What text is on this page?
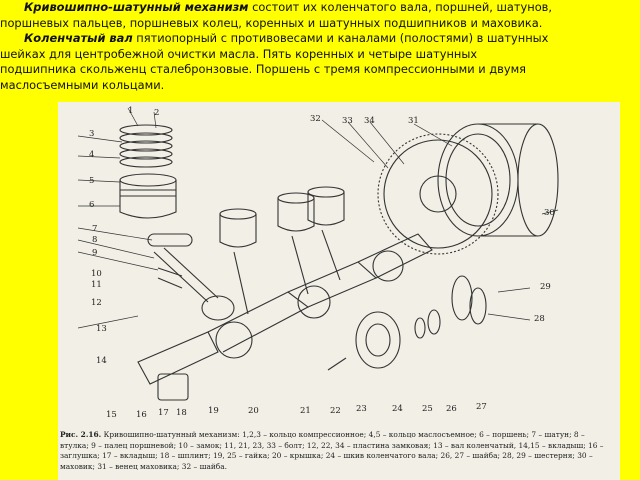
Кривошипно-шатунный механизм состоит их коленчатого вала, поршней, шатунов,

поршневых пальцев, поршневых колец, коренных и шатунных подшипников и маховика.

Коленчатый вал пятиопорный с противовесами и каналами (полостями) в шатунных

шейках для центробежной очистки масла. Пять коренных и четыре шатунных

подшипника скольженц сталебронзовые. Поршень с тремя компрессионными и двумя

маслосъемными кольцами.

1 2
3
4
5
6
7
8
9
10
11
12
13
14
15 16 17 18 19	20	21 22 23	24 25 26 27
28
29
30
31
32 33 34
Рис. 2.16. Кривошипно-шатунный механизм: 1,2,3 – кольцо компрессионное; 4,5 – кольцо маслосъемное; 6 – поршень; 7 – шатун; 8 –
втулка; 9 – палец поршневой; 10 – замок; 11, 21, 23, 33 – болт; 12, 22, 34 – пластина замковая; 13 – вал коленчатый, 14,15 – вкладыш; 16 –
заглушка; 17 – вкладыш; 18 – шплинт; 19, 25 – гайка; 20 – крышка; 24 – шкив коленчатого вала; 26, 27 – шайба; 28, 29 – шестерня; 30 –
маховик; 31 – венец маховика; 32 – шайба.
